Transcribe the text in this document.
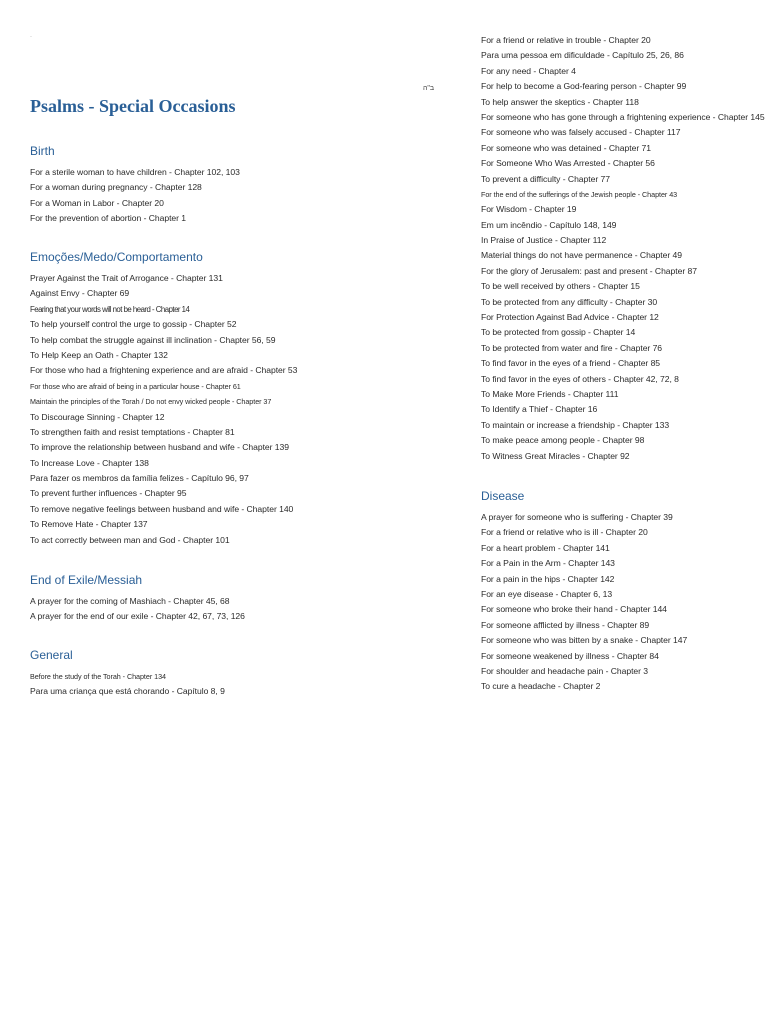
·
ב"ה
Psalms - Special Occasions
Birth
For a sterile woman to have children - Chapter 102, 103
For a woman during pregnancy - Chapter 128
For a Woman in Labor - Chapter 20
For the prevention of abortion - Chapter 1
Emoções/Medo/Comportamento
Prayer Against the Trait of Arrogance - Chapter 131
Against Envy - Chapter 69
Fearing that your words will not be heard - Chapter 14
To help yourself control the urge to gossip - Chapter 52
To help combat the struggle against ill inclination - Chapter 56, 59
To Help Keep an Oath - Chapter 132
For those who had a frightening experience and are afraid - Chapter 53
For those who are afraid of being in a particular house - Chapter 61
Maintain the principles of the Torah / Do not envy wicked people - Chapter 37
To Discourage Sinning - Chapter 12
To strengthen faith and resist temptations - Chapter 81
To improve the relationship between husband and wife - Chapter 139
To Increase Love - Chapter 138
Para fazer os membros da família felizes - Capítulo 96, 97
To prevent further influences - Chapter 95
To remove negative feelings between husband and wife - Chapter 140
To Remove Hate - Chapter 137
To act correctly between man and God - Chapter 101
End of Exile/Messiah
A prayer for the coming of Mashiach - Chapter 45, 68
A prayer for the end of our exile - Chapter 42, 67, 73, 126
General
Before the study of the Torah - Chapter 134
Para uma criança que está chorando - Capítulo 8, 9
For a friend or relative in trouble - Chapter 20
Para uma pessoa em dificuldade - Capítulo 25, 26, 86
For any need - Chapter 4
For help to become a God-fearing person - Chapter 99
To help answer the skeptics - Chapter 118
For someone who has gone through a frightening experience - Chapter 145
For someone who was falsely accused - Chapter 117
For someone who was detained - Chapter 71
For Someone Who Was Arrested - Chapter 56
To prevent a difficulty - Chapter 77
For the end of the sufferings of the Jewish people - Chapter 43
For Wisdom - Chapter 19
Em um incêndio - Capítulo 148, 149
In Praise of Justice - Chapter 112
Material things do not have permanence - Chapter 49
For the glory of Jerusalem: past and present - Chapter 87
To be well received by others - Chapter 15
To be protected from any difficulty - Chapter 30
For Protection Against Bad Advice - Chapter 12
To be protected from gossip - Chapter 14
To be protected from water and fire - Chapter 76
To find favor in the eyes of a friend - Chapter 85
To find favor in the eyes of others - Chapter 42, 72, 8
To Make More Friends - Chapter 111
To Identify a Thief - Chapter 16
To maintain or increase a friendship - Chapter 133
To make peace among people - Chapter 98
To Witness Great Miracles - Chapter 92
Disease
A prayer for someone who is suffering - Chapter 39
For a friend or relative who is ill - Chapter 20
For a heart problem - Chapter 141
For a Pain in the Arm - Chapter 143
For a pain in the hips - Chapter 142
For an eye disease - Chapter 6, 13
For someone who broke their hand - Chapter 144
For someone afflicted by illness - Chapter 89
For someone who was bitten by a snake - Chapter 147
For someone weakened by illness - Chapter 84
For shoulder and headache pain - Chapter 3
To cure a headache - Chapter 2
